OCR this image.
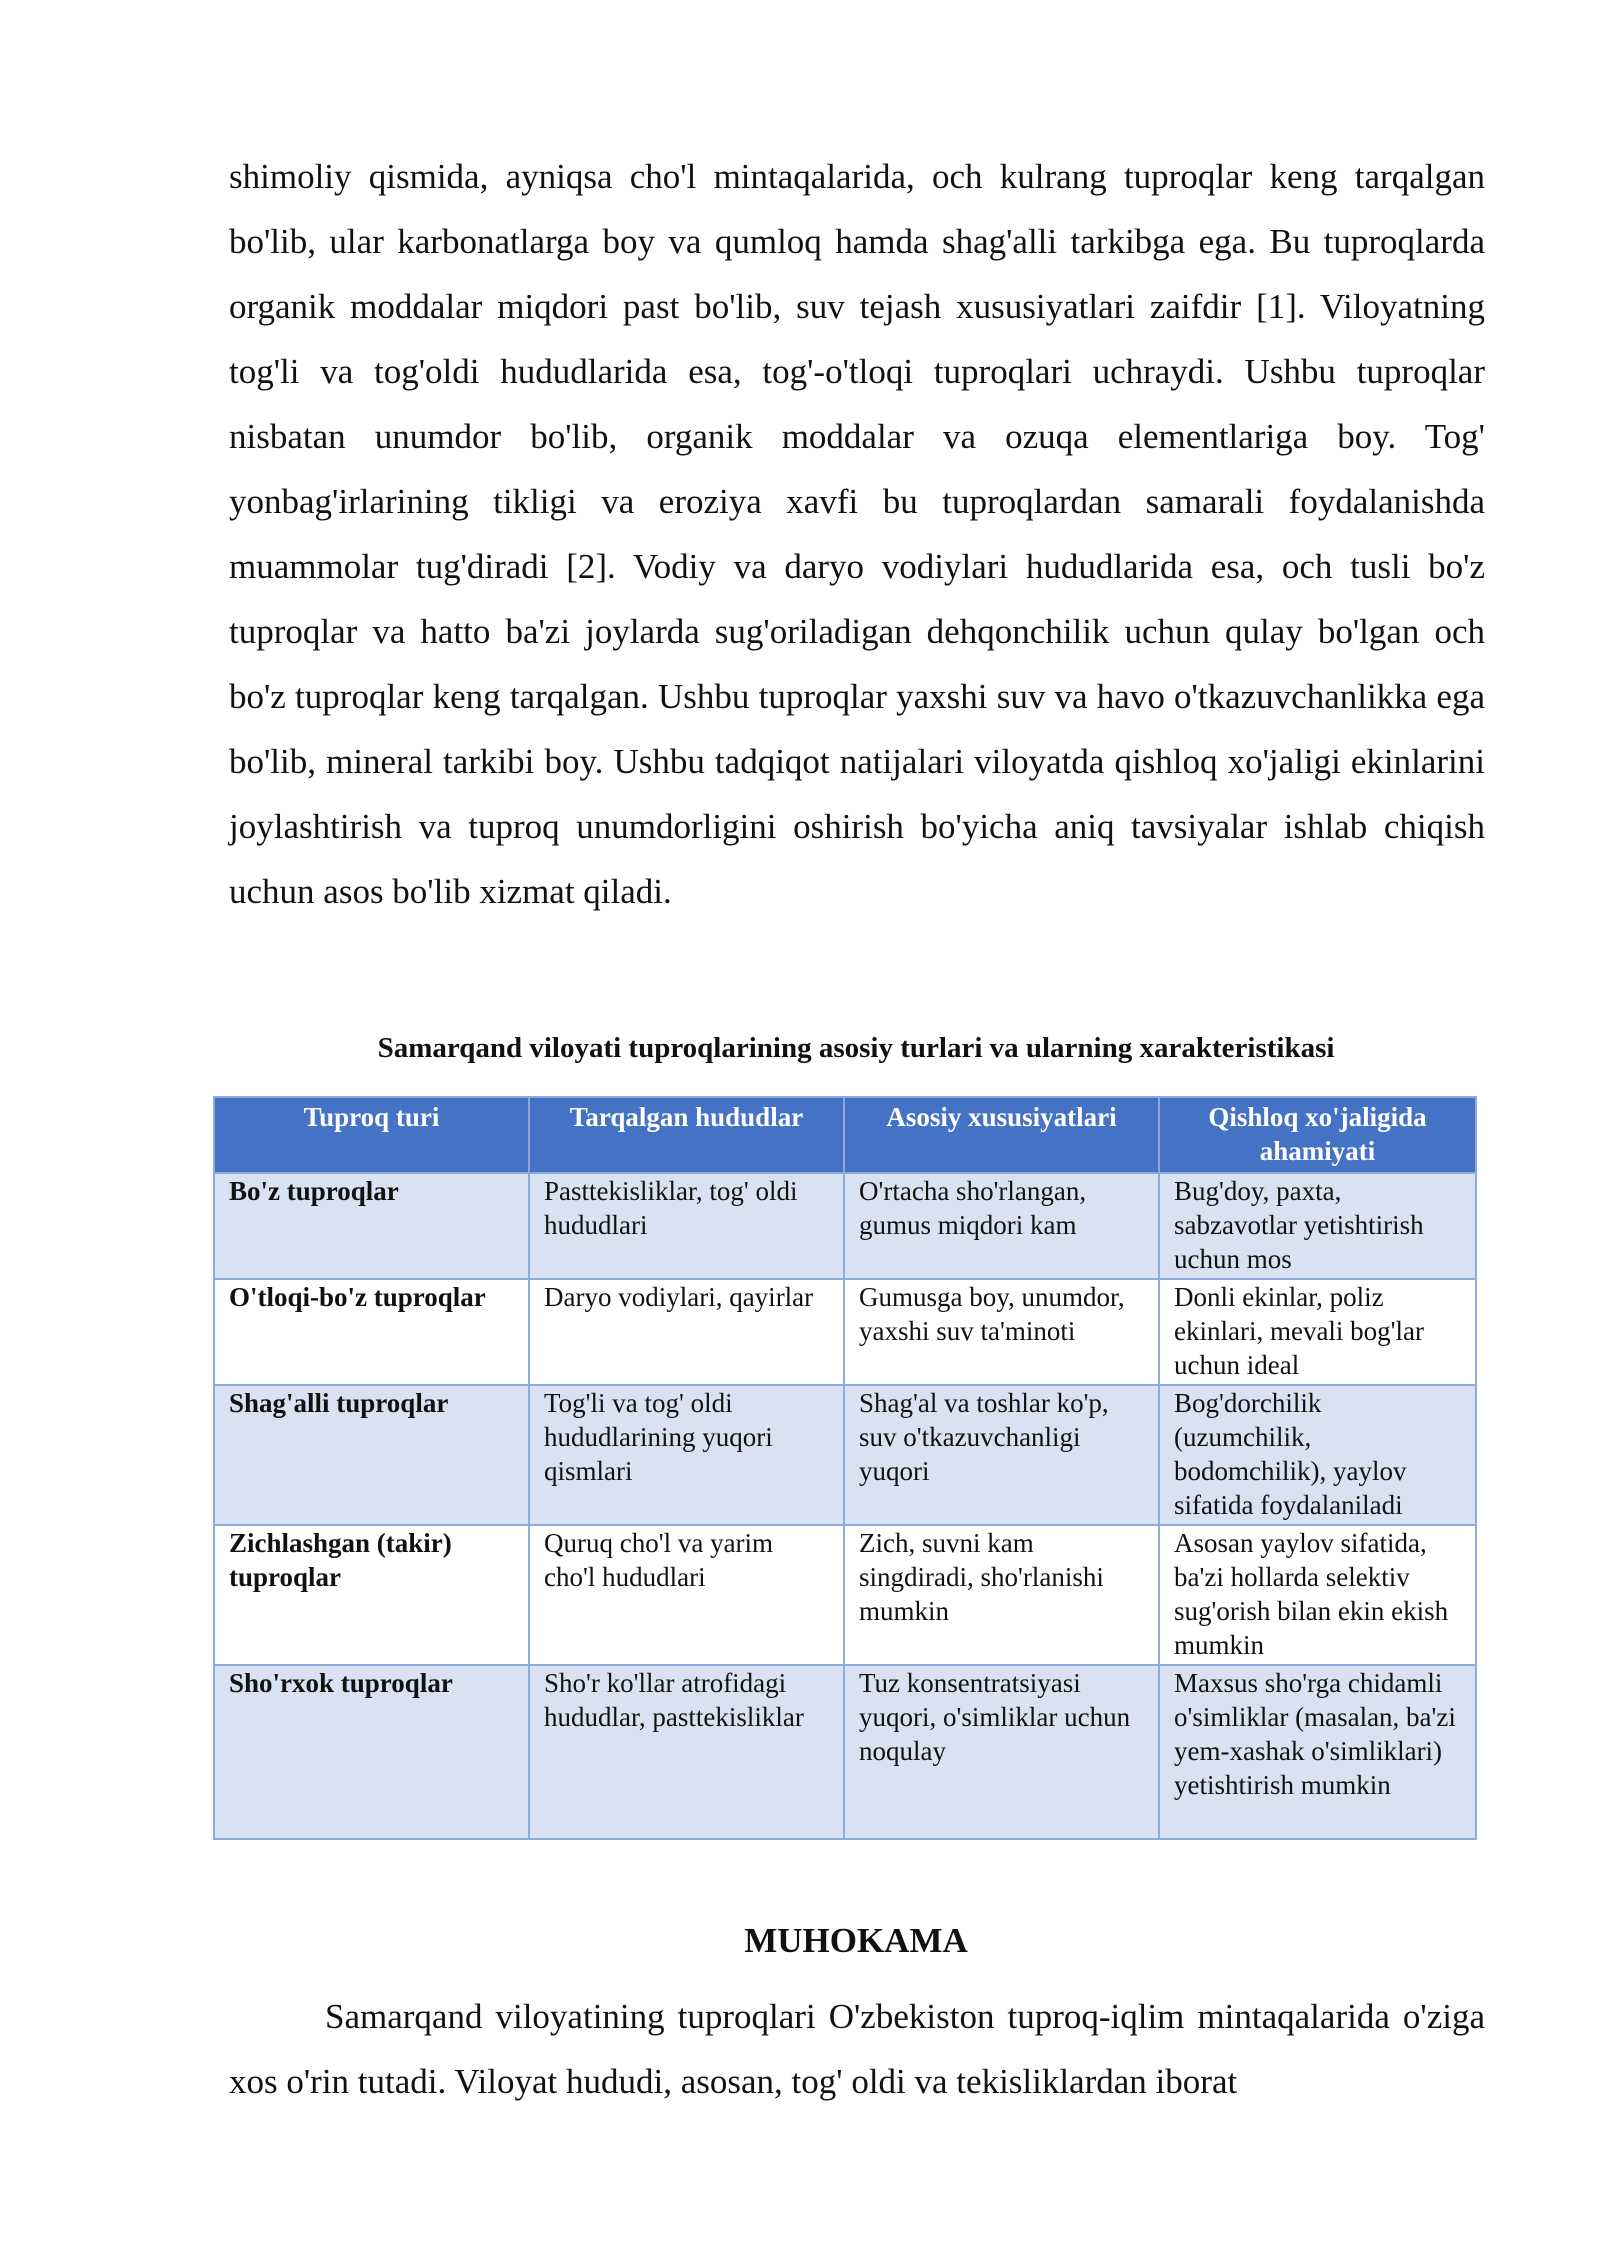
shimoliy qismida, ayniqsa cho'l mintaqalarida, och kulrang tuproqlar keng tarqalgan bo'lib, ular karbonatlarga boy va qumloq hamda shag'alli tarkibga ega. Bu tuproqlarda organik moddalar miqdori past bo'lib, suv tejash xususiyatlari zaifdir [1]. Viloyatning tog'li va tog'oldi hududlarida esa, tog'-o'tloqi tuproqlari uchraydi. Ushbu tuproqlar nisbatan unumdor bo'lib, organik moddalar va ozuqa elementlariga boy. Tog' yonbag'irlarining tikligi va eroziya xavfi bu tuproqlardan samarali foydalanishda muammolar tug'diradi [2]. Vodiy va daryo vodiylari hududlarida esa, och tusli bo'z tuproqlar va hatto ba'zi joylarda sug'oriladigan dehqonchilik uchun qulay bo'lgan och bo'z tuproqlar keng tarqalgan. Ushbu tuproqlar yaxshi suv va havo o'tkazuvchanlikka ega bo'lib, mineral tarkibi boy. Ushbu tadqiqot natijalari viloyatda qishloq xo'jaligi ekinlarini joylashtirish va tuproq unumdorligini oshirish bo'yicha aniq tavsiyalar ishlab chiqish uchun asos bo'lib xizmat qiladi.

Samarqand viloyati tuproqlarining asosiy turlari va ularning xarakteristikasi

Tuproq turi	Tarqalgan hududlar	Asosiy xususiyatlari	Qishloq xo'jaligida ahamiyati
Bo'z tuproqlar	Pasttekisliklar, tog' oldi hududlari	O'rtacha sho'rlangan, gumus miqdori kam	Bug'doy, paxta, sabzavotlar yetishtirish uchun mos
O'tloqi-bo'z tuproqlar	Daryo vodiylari, qayirlar	Gumusga boy, unumdor, yaxshi suv ta'minoti	Donli ekinlar, poliz ekinlari, mevali bog'lar uchun ideal
Shag'alli tuproqlar	Tog'li va tog' oldi hududlarining yuqori qismlari	Shag'al va toshlar ko'p, suv o'tkazuvchanligi yuqori	Bog'dorchilik (uzumchilik, bodomchilik), yaylov sifatida foydalaniladi
Zichlashgan (takir) tuproqlar	Quruq cho'l va yarim cho'l hududlari	Zich, suvni kam singdiradi, sho'rlanishi mumkin	Asosan yaylov sifatida, ba'zi hollarda selektiv sug'orish bilan ekin ekish mumkin
Sho'rxok tuproqlar	Sho'r ko'llar atrofidagi hududlar, pasttekisliklar	Tuz konsentratsiyasi yuqori, o'simliklar uchun noqulay	Maxsus sho'rga chidamli o'simliklar (masalan, ba'zi yem-xashak o'simliklari) yetishtirish mumkin
MUHOKAMA

Samarqand viloyatining tuproqlari O'zbekiston tuproq-iqlim mintaqalarida o'ziga xos o'rin tutadi. Viloyat hududi, asosan, tog' oldi va tekisliklardan iborat
